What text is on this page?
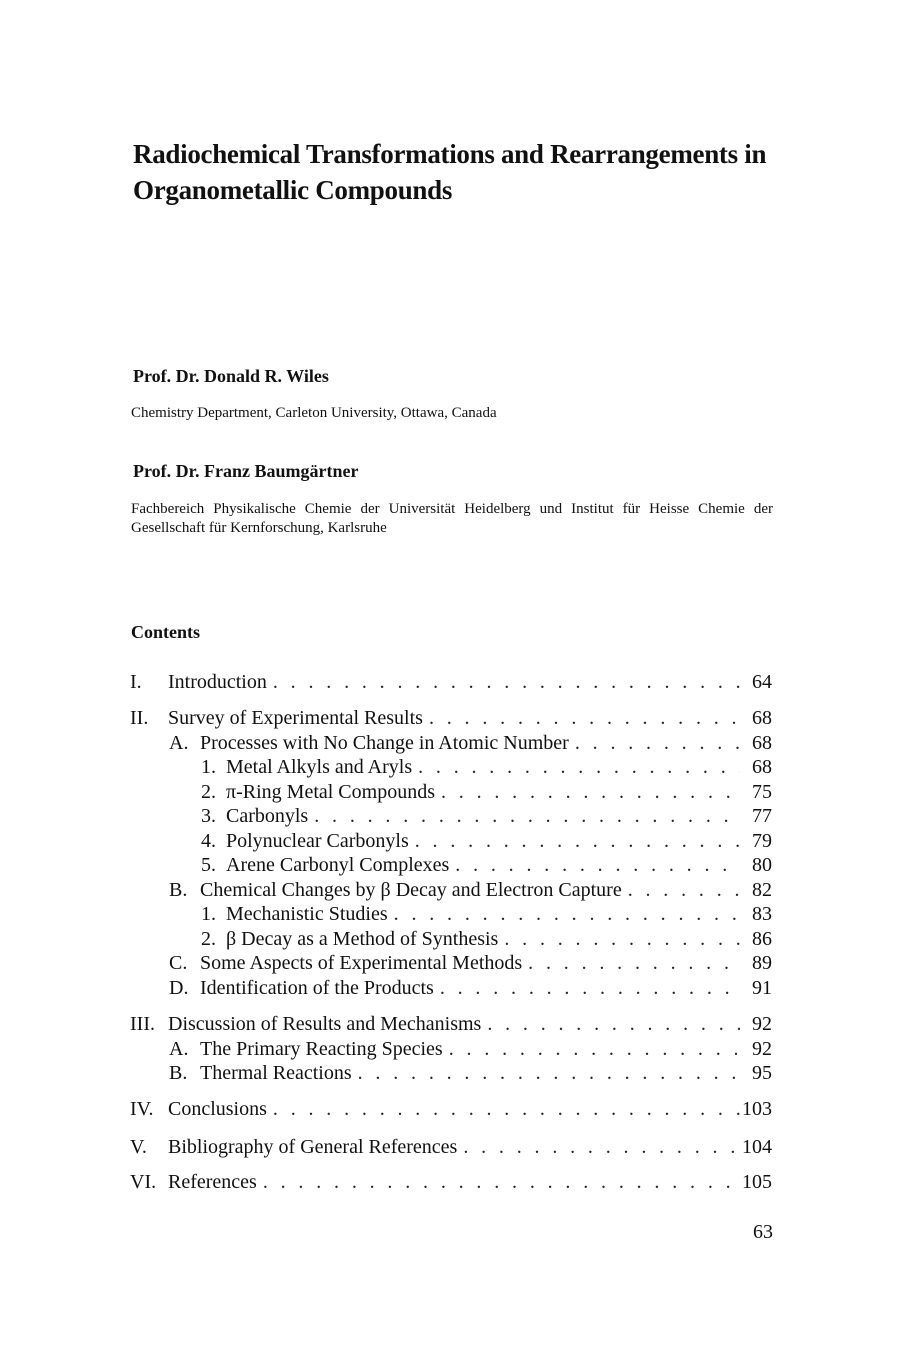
Radiochemical Transformations and Rearrangements in Organometallic Compounds

Prof. Dr. Donald R. Wiles

Chemistry Department, Carleton University, Ottawa, Canada

Prof. Dr. Franz Baumgärtner

Fachbereich Physikalische Chemie der Universität Heidelberg und Institut für Heisse Chemie der Gesellschaft für Kernforschung, Karlsruhe

Contents

I.	Introduction . . .	64
II. Survey of Experimental Results . . .	68
A. Processes with No Change in Atomic Number . . .	68
1. Metal Alkyls and Aryls . . .	68
2. π-Ring Metal Compounds . . .	75
3. Carbonyls . . .	77
4. Polynuclear Carbonyls . . .	79
5. Arene Carbonyl Complexes . . .	80
B. Chemical Changes by β Decay and Electron Capture . . .	82
1. Mechanistic Studies . . .	83
2. β Decay as a Method of Synthesis . . .	86
C. Some Aspects of Experimental Methods . . .	89
D. Identification of the Products . . .	91
III. Discussion of Results and Mechanisms . . .	92
A. The Primary Reacting Species . . .	92
B. Thermal Reactions . . .	95
IV. Conclusions . . .	103
V.	Bibliography of General References . . .	104
VI. References . . .	105

63
